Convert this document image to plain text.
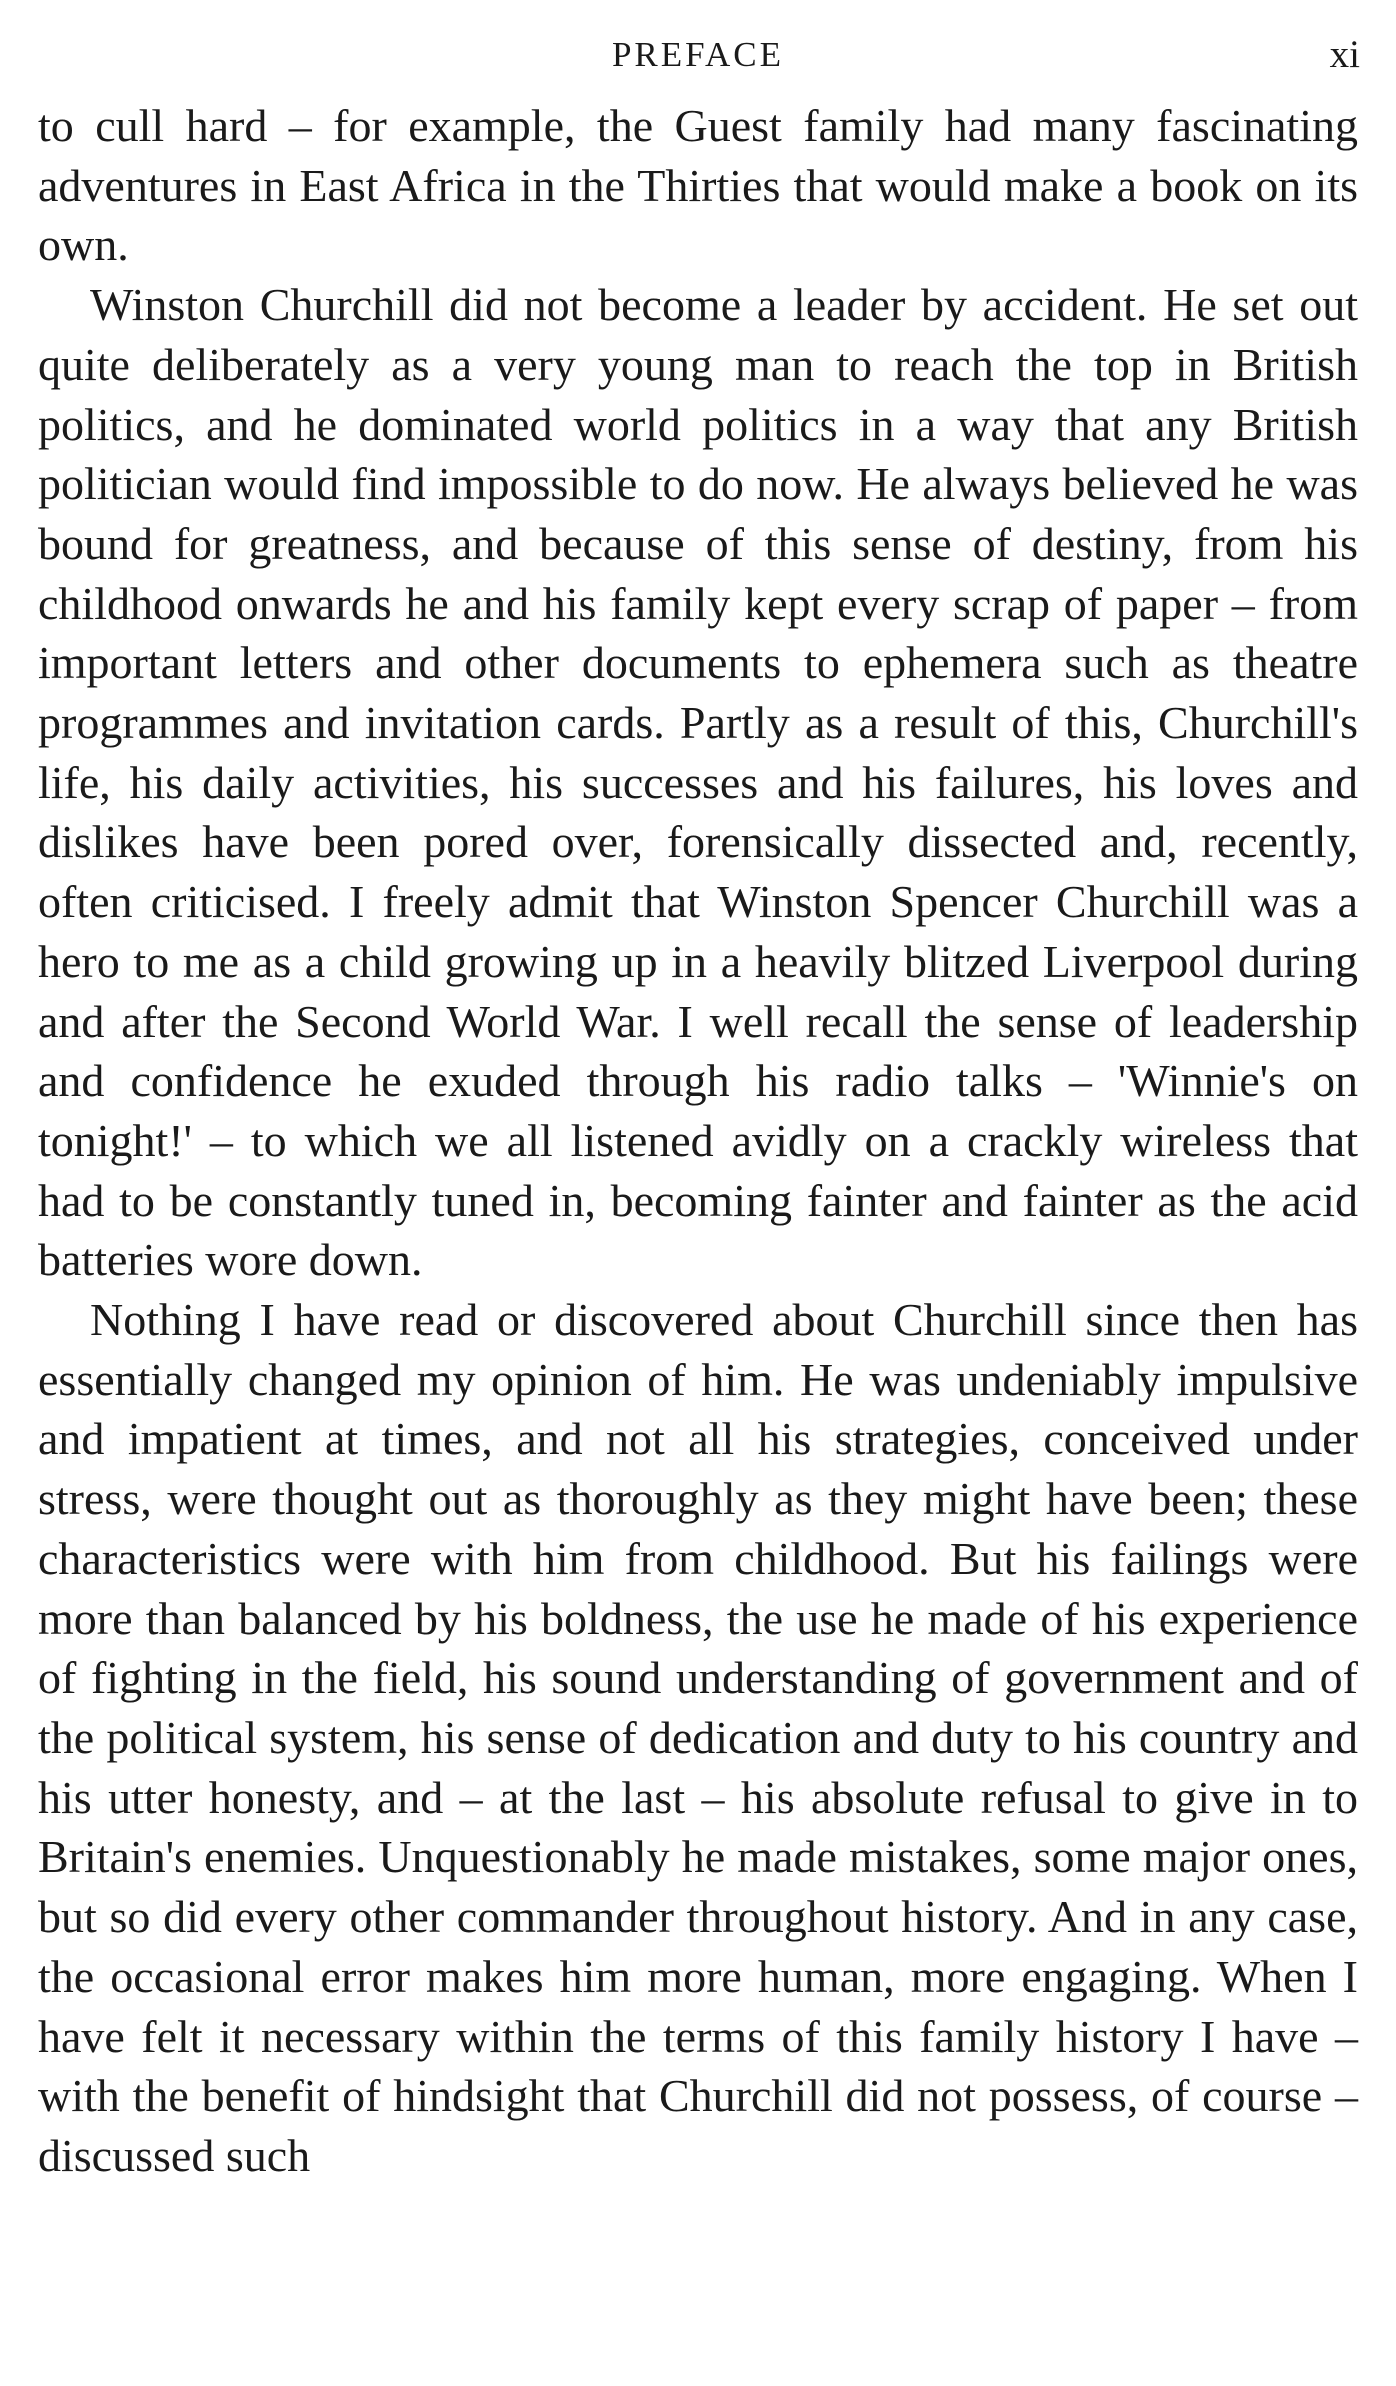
PREFACE	xi

to cull hard – for example, the Guest family had many fascinating adventures in East Africa in the Thirties that would make a book on its own.

Winston Churchill did not become a leader by accident. He set out quite deliberately as a very young man to reach the top in British politics, and he dominated world politics in a way that any British politician would find impossible to do now. He always believed he was bound for greatness, and because of this sense of destiny, from his childhood onwards he and his family kept every scrap of paper – from important letters and other documents to ephemera such as theatre programmes and invitation cards. Partly as a result of this, Churchill's life, his daily activities, his successes and his failures, his loves and dislikes have been pored over, forensically dissected and, recently, often criticised. I freely admit that Winston Spencer Churchill was a hero to me as a child growing up in a heavily blitzed Liverpool during and after the Second World War. I well recall the sense of leadership and confidence he exuded through his radio talks – 'Winnie's on tonight!' – to which we all listened avidly on a crackly wireless that had to be constantly tuned in, becoming fainter and fainter as the acid batteries wore down.

Nothing I have read or discovered about Churchill since then has essentially changed my opinion of him. He was undeniably impulsive and impatient at times, and not all his strategies, conceived under stress, were thought out as thoroughly as they might have been; these characteristics were with him from childhood. But his failings were more than balanced by his boldness, the use he made of his experience of fighting in the field, his sound understanding of government and of the political system, his sense of dedication and duty to his country and his utter honesty, and – at the last – his absolute refusal to give in to Britain's enemies. Unquestionably he made mistakes, some major ones, but so did every other commander throughout history. And in any case, the occasional error makes him more human, more engaging. When I have felt it necessary within the terms of this family history I have – with the benefit of hindsight that Churchill did not possess, of course – discussed such
